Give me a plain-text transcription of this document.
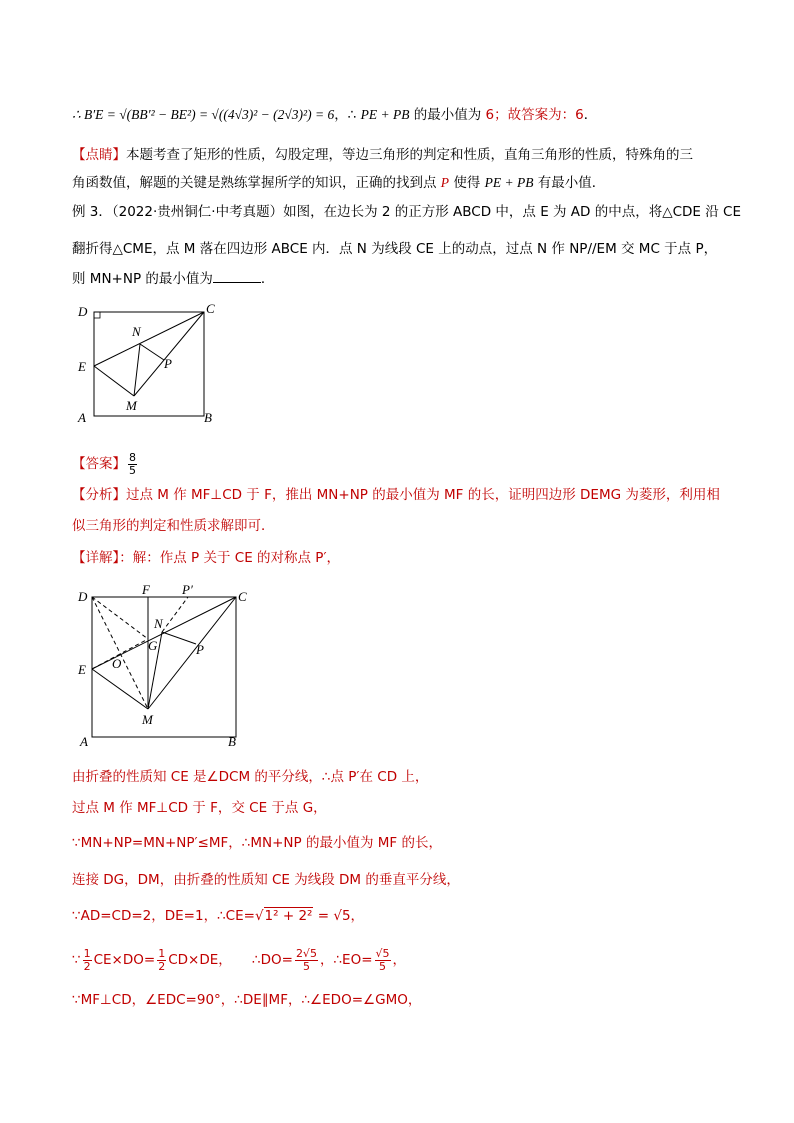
∴ B′E = √(BB′² − BE²) = √((4√3)² − (2√3)²) = 6，∴ PE + PB 的最小值为 6；故答案为：6．
【点睛】本题考查了矩形的性质，勾股定理，等边三角形的判定和性质，直角三角形的性质，特殊角的三
角函数值，解题的关键是熟练掌握所学的知识，正确的找到点 P 使得 PE + PB 有最小值．
例 3．（2022·贵州铜仁·中考真题）如图，在边长为 2 的正方形 ABCD 中，点 E 为 AD 的中点，将△CDE 沿 CE
翻折得△CME，点 M 落在四边形 ABCE 内．点 N 为线段 CE 上的动点，过点 N 作 NP//EM 交 MC 于点 P，
则 MN+NP 的最小值为	．
D	C
N
E	P
M
A	B
【答案】 $\frac{8}{5}$
【分析】过点 M 作 MF⊥CD 于 F，推出 MN+NP 的最小值为 MF 的长，证明四边形 DEMG 为菱形，利用相
似三角形的判定和性质求解即可．
【详解】：解：作点 P 关于 CE 的对称点 P′，
D	F P′	C
N
G
O
E
P
M
A	B
由折叠的性质知 CE 是∠DCM 的平分线，∴点 P′在 CD 上，
过点 M 作 MF⊥CD 于 F，交 CE 于点 G，
∵MN+NP=MN+NP′≤MF，∴MN+NP 的最小值为 MF 的长，
连接 DG，DM，由折叠的性质知 CE 为线段 DM 的垂直平分线，
∵AD=CD=2，DE=1，∴CE=√1² + 2² = √5，
∵ $\frac{1}{2} CE\times DO= \frac{1}{2} CD\times DE$，　　∴DO= $\frac{2√5}{5}$ ，∴EO= $\frac{√5}{5}$ ，
∵MF⊥CD，∠EDC=90°，∴DE∥MF，∴∠EDO=∠GMO，
